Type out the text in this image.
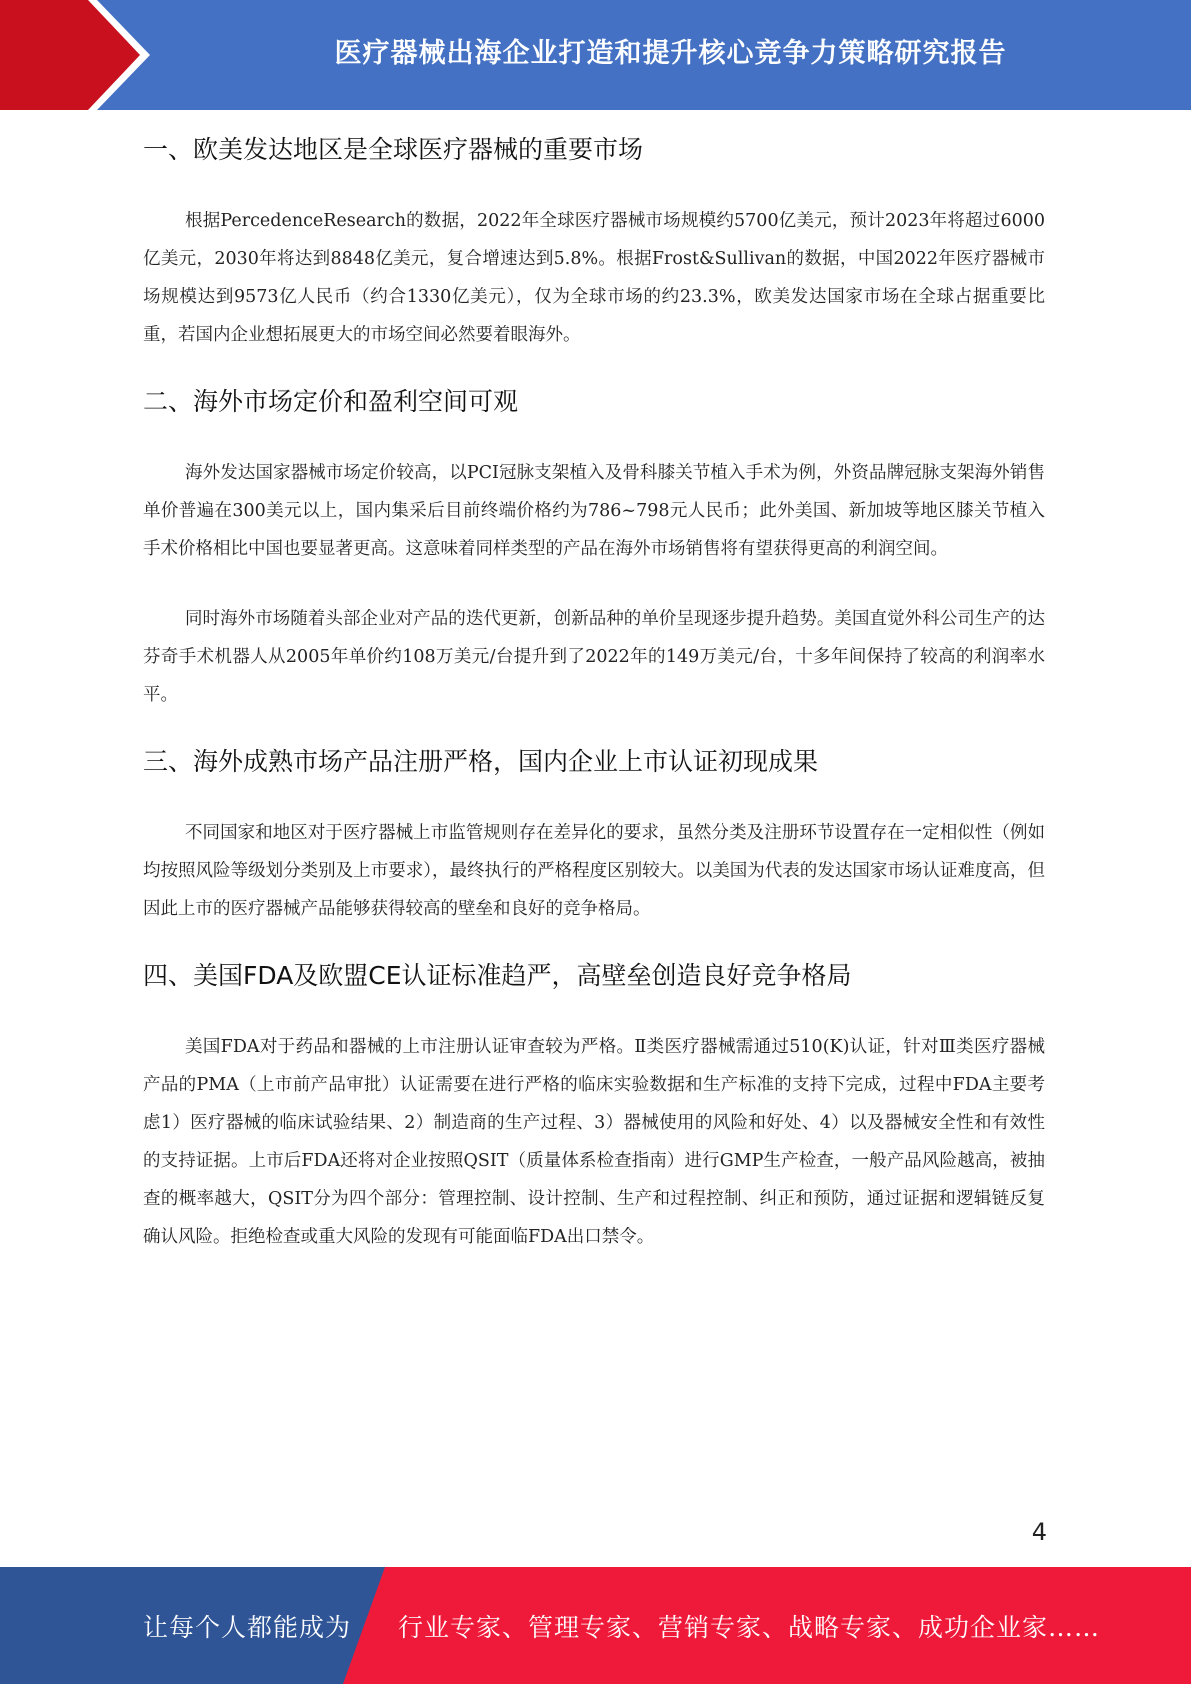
医疗器械出海企业打造和提升核心竞争力策略研究报告
一、欧美发达地区是全球医疗器械的重要市场

根据PercedenceResearch的数据，2022年全球医疗器械市场规模约5700亿美元，预计2023年将超过6000亿美元，2030年将达到8848亿美元，复合增速达到5.8%。根据Frost&Sullivan的数据，中国2022年医疗器械市场规模达到9573亿人民币（约合1330亿美元），仅为全球市场的约23.3%，欧美发达国家市场在全球占据重要比重，若国内企业想拓展更大的市场空间必然要着眼海外。

二、海外市场定价和盈利空间可观

海外发达国家器械市场定价较高，以PCI冠脉支架植入及骨科膝关节植入手术为例，外资品牌冠脉支架海外销售单价普遍在300美元以上，国内集采后目前终端价格约为786~798元人民币；此外美国、新加坡等地区膝关节植入手术价格相比中国也要显著更高。这意味着同样类型的产品在海外市场销售将有望获得更高的利润空间。

同时海外市场随着头部企业对产品的迭代更新，创新品种的单价呈现逐步提升趋势。美国直觉外科公司生产的达芬奇手术机器人从2005年单价约108万美元/台提升到了2022年的149万美元/台，十多年间保持了较高的利润率水平。

三、海外成熟市场产品注册严格，国内企业上市认证初现成果

不同国家和地区对于医疗器械上市监管规则存在差异化的要求，虽然分类及注册环节设置存在一定相似性（例如均按照风险等级划分类别及上市要求），最终执行的严格程度区别较大。以美国为代表的发达国家市场认证难度高，但因此上市的医疗器械产品能够获得较高的壁垒和良好的竞争格局。

四、美国FDA及欧盟CE认证标准趋严，高壁垒创造良好竞争格局

美国FDA对于药品和器械的上市注册认证审查较为严格。Ⅱ类医疗器械需通过510(K)认证，针对Ⅲ类医疗器械产品的PMA（上市前产品审批）认证需要在进行严格的临床实验数据和生产标准的支持下完成，过程中FDA主要考虑1）医疗器械的临床试验结果、2）制造商的生产过程、3）器械使用的风险和好处、4）以及器械安全性和有效性的支持证据。上市后FDA还将对企业按照QSIT（质量体系检查指南）进行GMP生产检查，一般产品风险越高，被抽查的概率越大，QSIT分为四个部分：管理控制、设计控制、生产和过程控制、纠正和预防，通过证据和逻辑链反复确认风险。拒绝检查或重大风险的发现有可能面临FDA出口禁令。

4
让每个人都能成为 行业专家、管理专家、营销专家、战略专家、成功企业家……
